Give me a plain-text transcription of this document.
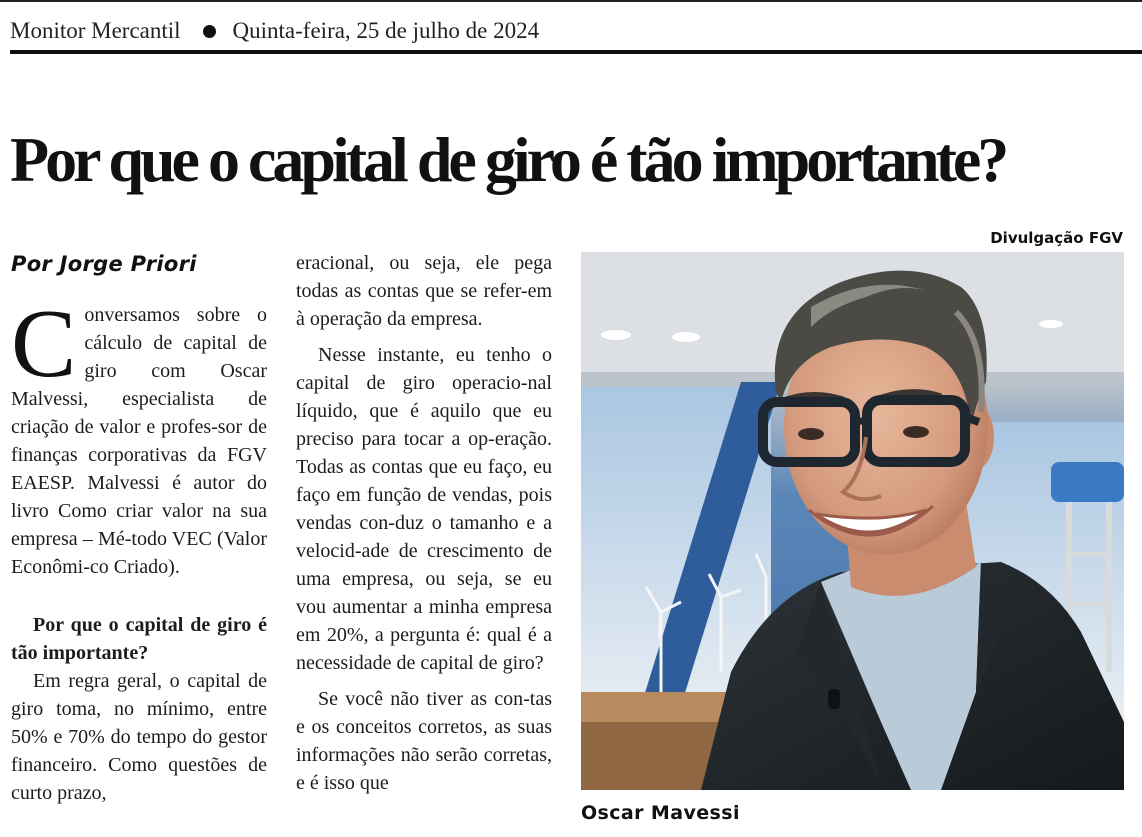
Monitor Mercantil Quinta-feira, 25 de julho de 2024
Por que o capital de giro é tão importante?
Por Jorge Priori

Conversamos sobre o cálculo de capital de giro com Oscar Malvessi, especialista de criação de valor e profes-sor de finanças corporativas da FGV EAESP. Malvessi é autor do livro Como criar valor na sua empresa – Mé-todo VEC (Valor Econômi-co Criado).

Por que o capital de giro é tão importante?

Em regra geral, o capital de giro toma, no mínimo, entre 50% e 70% do tempo do gestor financeiro. Como questões de curto prazo,

eracional, ou seja, ele pega todas as contas que se refer-em à operação da empresa.

Nesse instante, eu tenho o capital de giro operacio-nal líquido, que é aquilo que eu preciso para tocar a op-eração. Todas as contas que eu faço, eu faço em função de vendas, pois vendas con-duz o tamanho e a velocid-ade de crescimento de uma empresa, ou seja, se eu vou aumentar a minha empresa em 20%, a pergunta é: qual é a necessidade de capital de giro?

Se você não tiver as con-tas e os conceitos corretos, as suas informações não serão corretas, e é isso que

Divulgação FGV
Oscar Mavessi
